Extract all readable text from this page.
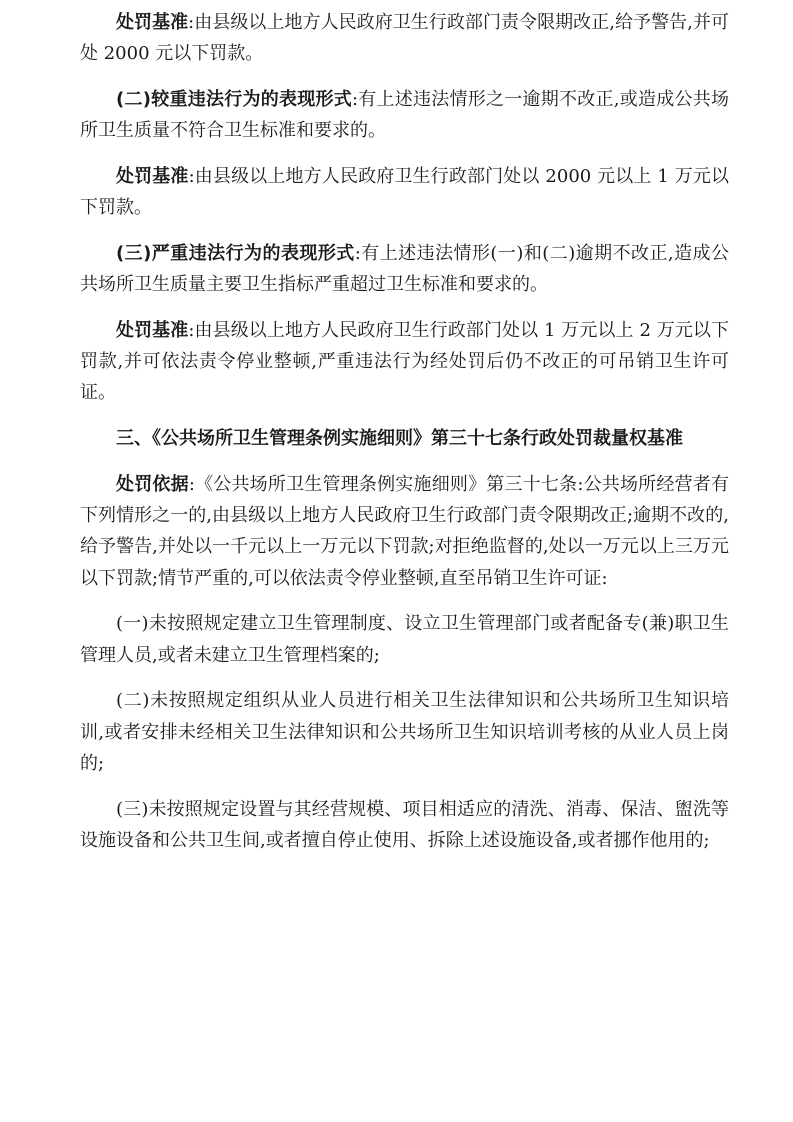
处罚基准:由县级以上地方人民政府卫生行政部门责令限期改正,给予警告,并可处 2000 元以下罚款。

(二)较重违法行为的表现形式:有上述违法情形之一逾期不改正,或造成公共场所卫生质量不符合卫生标准和要求的。

处罚基准:由县级以上地方人民政府卫生行政部门处以 2000 元以上 1 万元以下罚款。

(三)严重违法行为的表现形式:有上述违法情形(一)和(二)逾期不改正,造成公共场所卫生质量主要卫生指标严重超过卫生标准和要求的。

处罚基准:由县级以上地方人民政府卫生行政部门处以 1 万元以上 2 万元以下罚款,并可依法责令停业整顿,严重违法行为经处罚后仍不改正的可吊销卫生许可证。

三、《公共场所卫生管理条例实施细则》第三十七条行政处罚裁量权基准

处罚依据:《公共场所卫生管理条例实施细则》第三十七条:公共场所经营者有下列情形之一的,由县级以上地方人民政府卫生行政部门责令限期改正;逾期不改的,给予警告,并处以一千元以上一万元以下罚款;对拒绝监督的,处以一万元以上三万元以下罚款;情节严重的,可以依法责令停业整顿,直至吊销卫生许可证:

(一)未按照规定建立卫生管理制度、设立卫生管理部门或者配备专(兼)职卫生管理人员,或者未建立卫生管理档案的;

(二)未按照规定组织从业人员进行相关卫生法律知识和公共场所卫生知识培训,或者安排未经相关卫生法律知识和公共场所卫生知识培训考核的从业人员上岗的;

(三)未按照规定设置与其经营规模、项目相适应的清洗、消毒、保洁、盥洗等设施设备和公共卫生间,或者擅自停止使用、拆除上述设施设备,或者挪作他用的;
